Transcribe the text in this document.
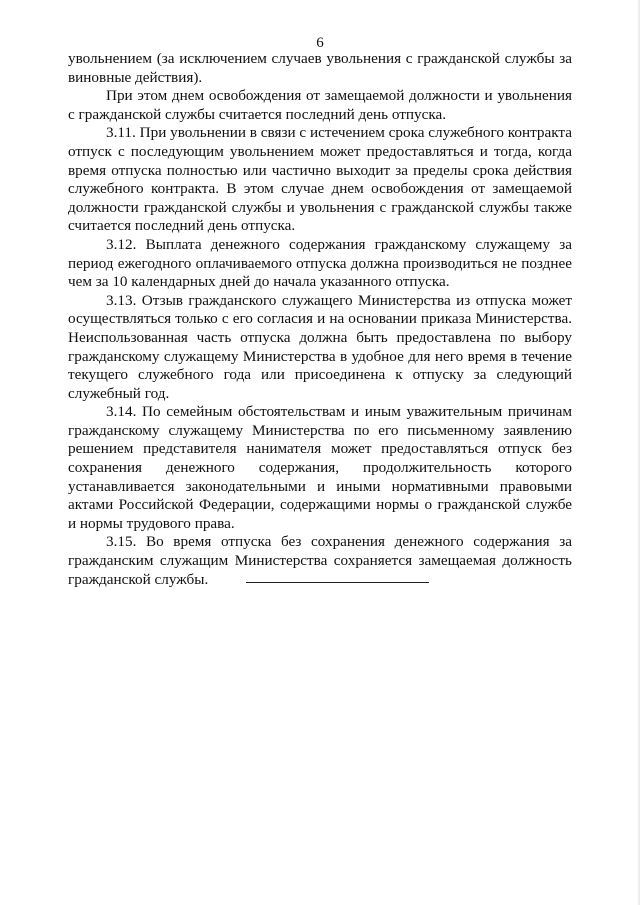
6

увольнением (за исключением случаев увольнения с гражданской службы за виновные действия).

При этом днем освобождения от замещаемой должности и увольнения с гражданской службы считается последний день отпуска.

3.11. При увольнении в связи с истечением срока служебного контракта отпуск с последующим увольнением может предоставляться и тогда, когда время отпуска полностью или частично выходит за пределы срока действия служебного контракта. В этом случае днем освобождения от замещаемой должности гражданской службы и увольнения с гражданской службы также считается последний день отпуска.

3.12. Выплата денежного содержания гражданскому служащему за период ежегодного оплачиваемого отпуска должна производиться не позднее чем за 10 календарных дней до начала указанного отпуска.

3.13. Отзыв гражданского служащего Министерства из отпуска может осуществляться только с его согласия и на основании приказа Министерства. Неиспользованная часть отпуска должна быть предоставлена по выбору гражданскому служащему Министерства в удобное для него время в течение текущего служебного года или присоединена к отпуску за следующий служебный год.

3.14. По семейным обстоятельствам и иным уважительным причинам гражданскому служащему Министерства по его письменному заявлению решением представителя нанимателя может предоставляться отпуск без сохранения денежного содержания, продолжительность которого устанавливается законодательными и иными нормативными правовыми актами Российской Федерации, содержащими нормы о гражданской службе и нормы трудового права.

3.15. Во время отпуска без сохранения денежного содержания за гражданским служащим Министерства сохраняется замещаемая должность гражданской службы.
